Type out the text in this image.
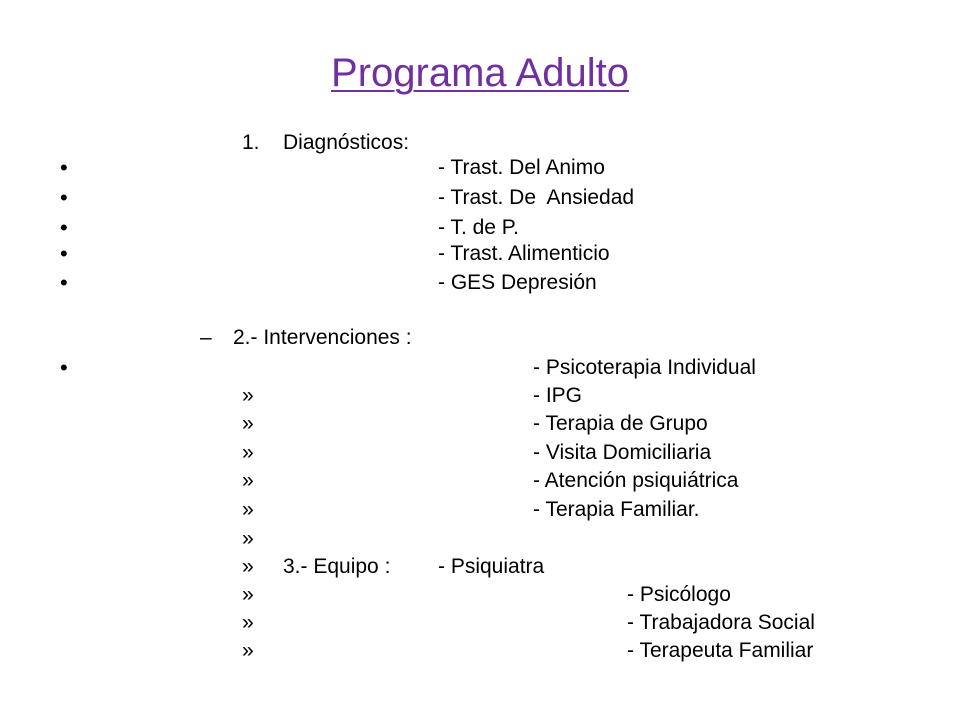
Programa Adulto
1. Diagnósticos:
•	- Trast. Del Animo
•	- Trast. De  Ansiedad
•	- T. de P.
•	- Trast. Alimenticio
•	- GES Depresión
– 2.- Intervenciones :
•	- Psicoterapia Individual
»	- IPG
»	- Terapia de Grupo
»	- Visita Domiciliaria
»	- Atención psiquiátrica
»	- Terapia Familiar.
»
» 3.- Equipo : - Psiquiatra
»	- Psicólogo
»	- Trabajadora Social
»	- Terapeuta Familiar
